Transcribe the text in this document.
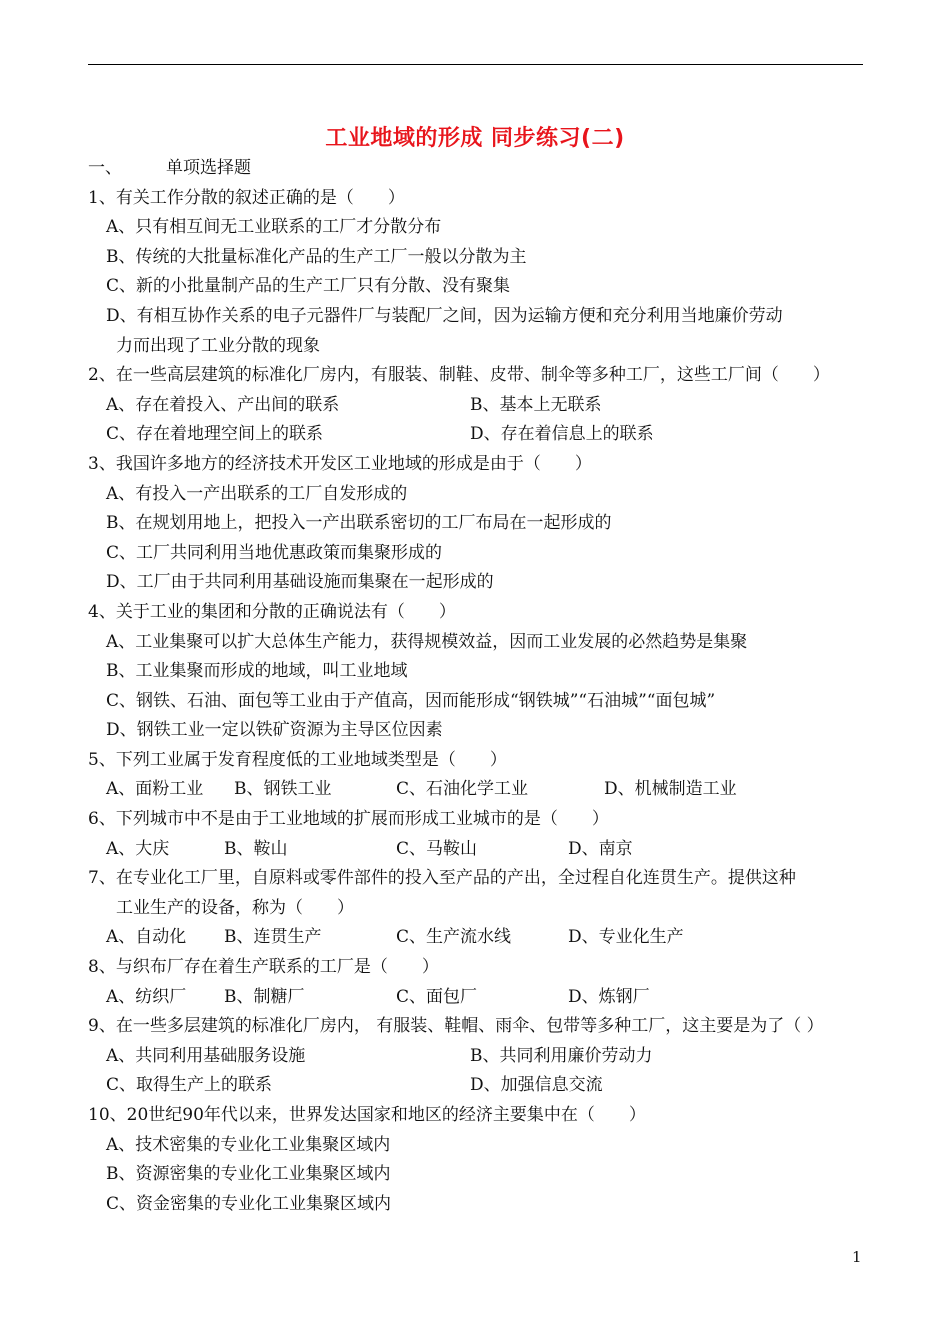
工业地域的形成 同步练习(二)
一、	单项选择题
1、有关工作分散的叙述正确的是（　　）
A、只有相互间无工业联系的工厂才分散分布
B、传统的大批量标准化产品的生产工厂一般以分散为主
C、新的小批量制产品的生产工厂只有分散、没有聚集
D、有相互协作关系的电子元器件厂与装配厂之间，因为运输方便和充分利用当地廉价劳动
力而出现了工业分散的现象
2、在一些高层建筑的标准化厂房内，有服装、制鞋、皮带、制伞等多种工厂，这些工厂间（　　）
A、存在着投入、产出间的联系	B、基本上无联系
C、存在着地理空间上的联系	D、存在着信息上的联系
3、我国许多地方的经济技术开发区工业地域的形成是由于（　　）
A、有投入一产出联系的工厂自发形成的
B、在规划用地上，把投入一产出联系密切的工厂布局在一起形成的
C、工厂共同利用当地优惠政策而集聚形成的
D、工厂由于共同利用基础设施而集聚在一起形成的
4、关于工业的集团和分散的正确说法有（　　）
A、工业集聚可以扩大总体生产能力，获得规模效益，因而工业发展的必然趋势是集聚
B、工业集聚而形成的地域，叫工业地域
C、钢铁、石油、面包等工业由于产值高，因而能形成“钢铁城”“石油城”“面包城”
D、钢铁工业一定以铁矿资源为主导区位因素
5、下列工业属于发育程度低的工业地域类型是（　　）
A、面粉工业 B、钢铁工业	C、石油化学工业	D、机械制造工业
6、下列城市中不是由于工业地域的扩展而形成工业城市的是（　　）
A、大庆	B、鞍山	C、马鞍山	D、南京
7、在专业化工厂里，自原料或零件部件的投入至产品的产出，全过程自化连贯生产。提供这种
工业生产的设备，称为（　　）
A、自动化 B、连贯生产	C、生产流水线	D、专业化生产
8、与织布厂存在着生产联系的工厂是（　　）
A、纺织厂 B、制糖厂	C、面包厂	D、炼钢厂
9、在一些多层建筑的标准化厂房内， 有服装、鞋帽、雨伞、包带等多种工厂，这主要是为了（ ）
A、共同利用基础服务设施	B、共同利用廉价劳动力
C、取得生产上的联系	D、加强信息交流
10、20世纪90年代以来，世界发达国家和地区的经济主要集中在（　　）
A、技术密集的专业化工业集聚区域内
B、资源密集的专业化工业集聚区域内
C、资金密集的专业化工业集聚区域内
1
